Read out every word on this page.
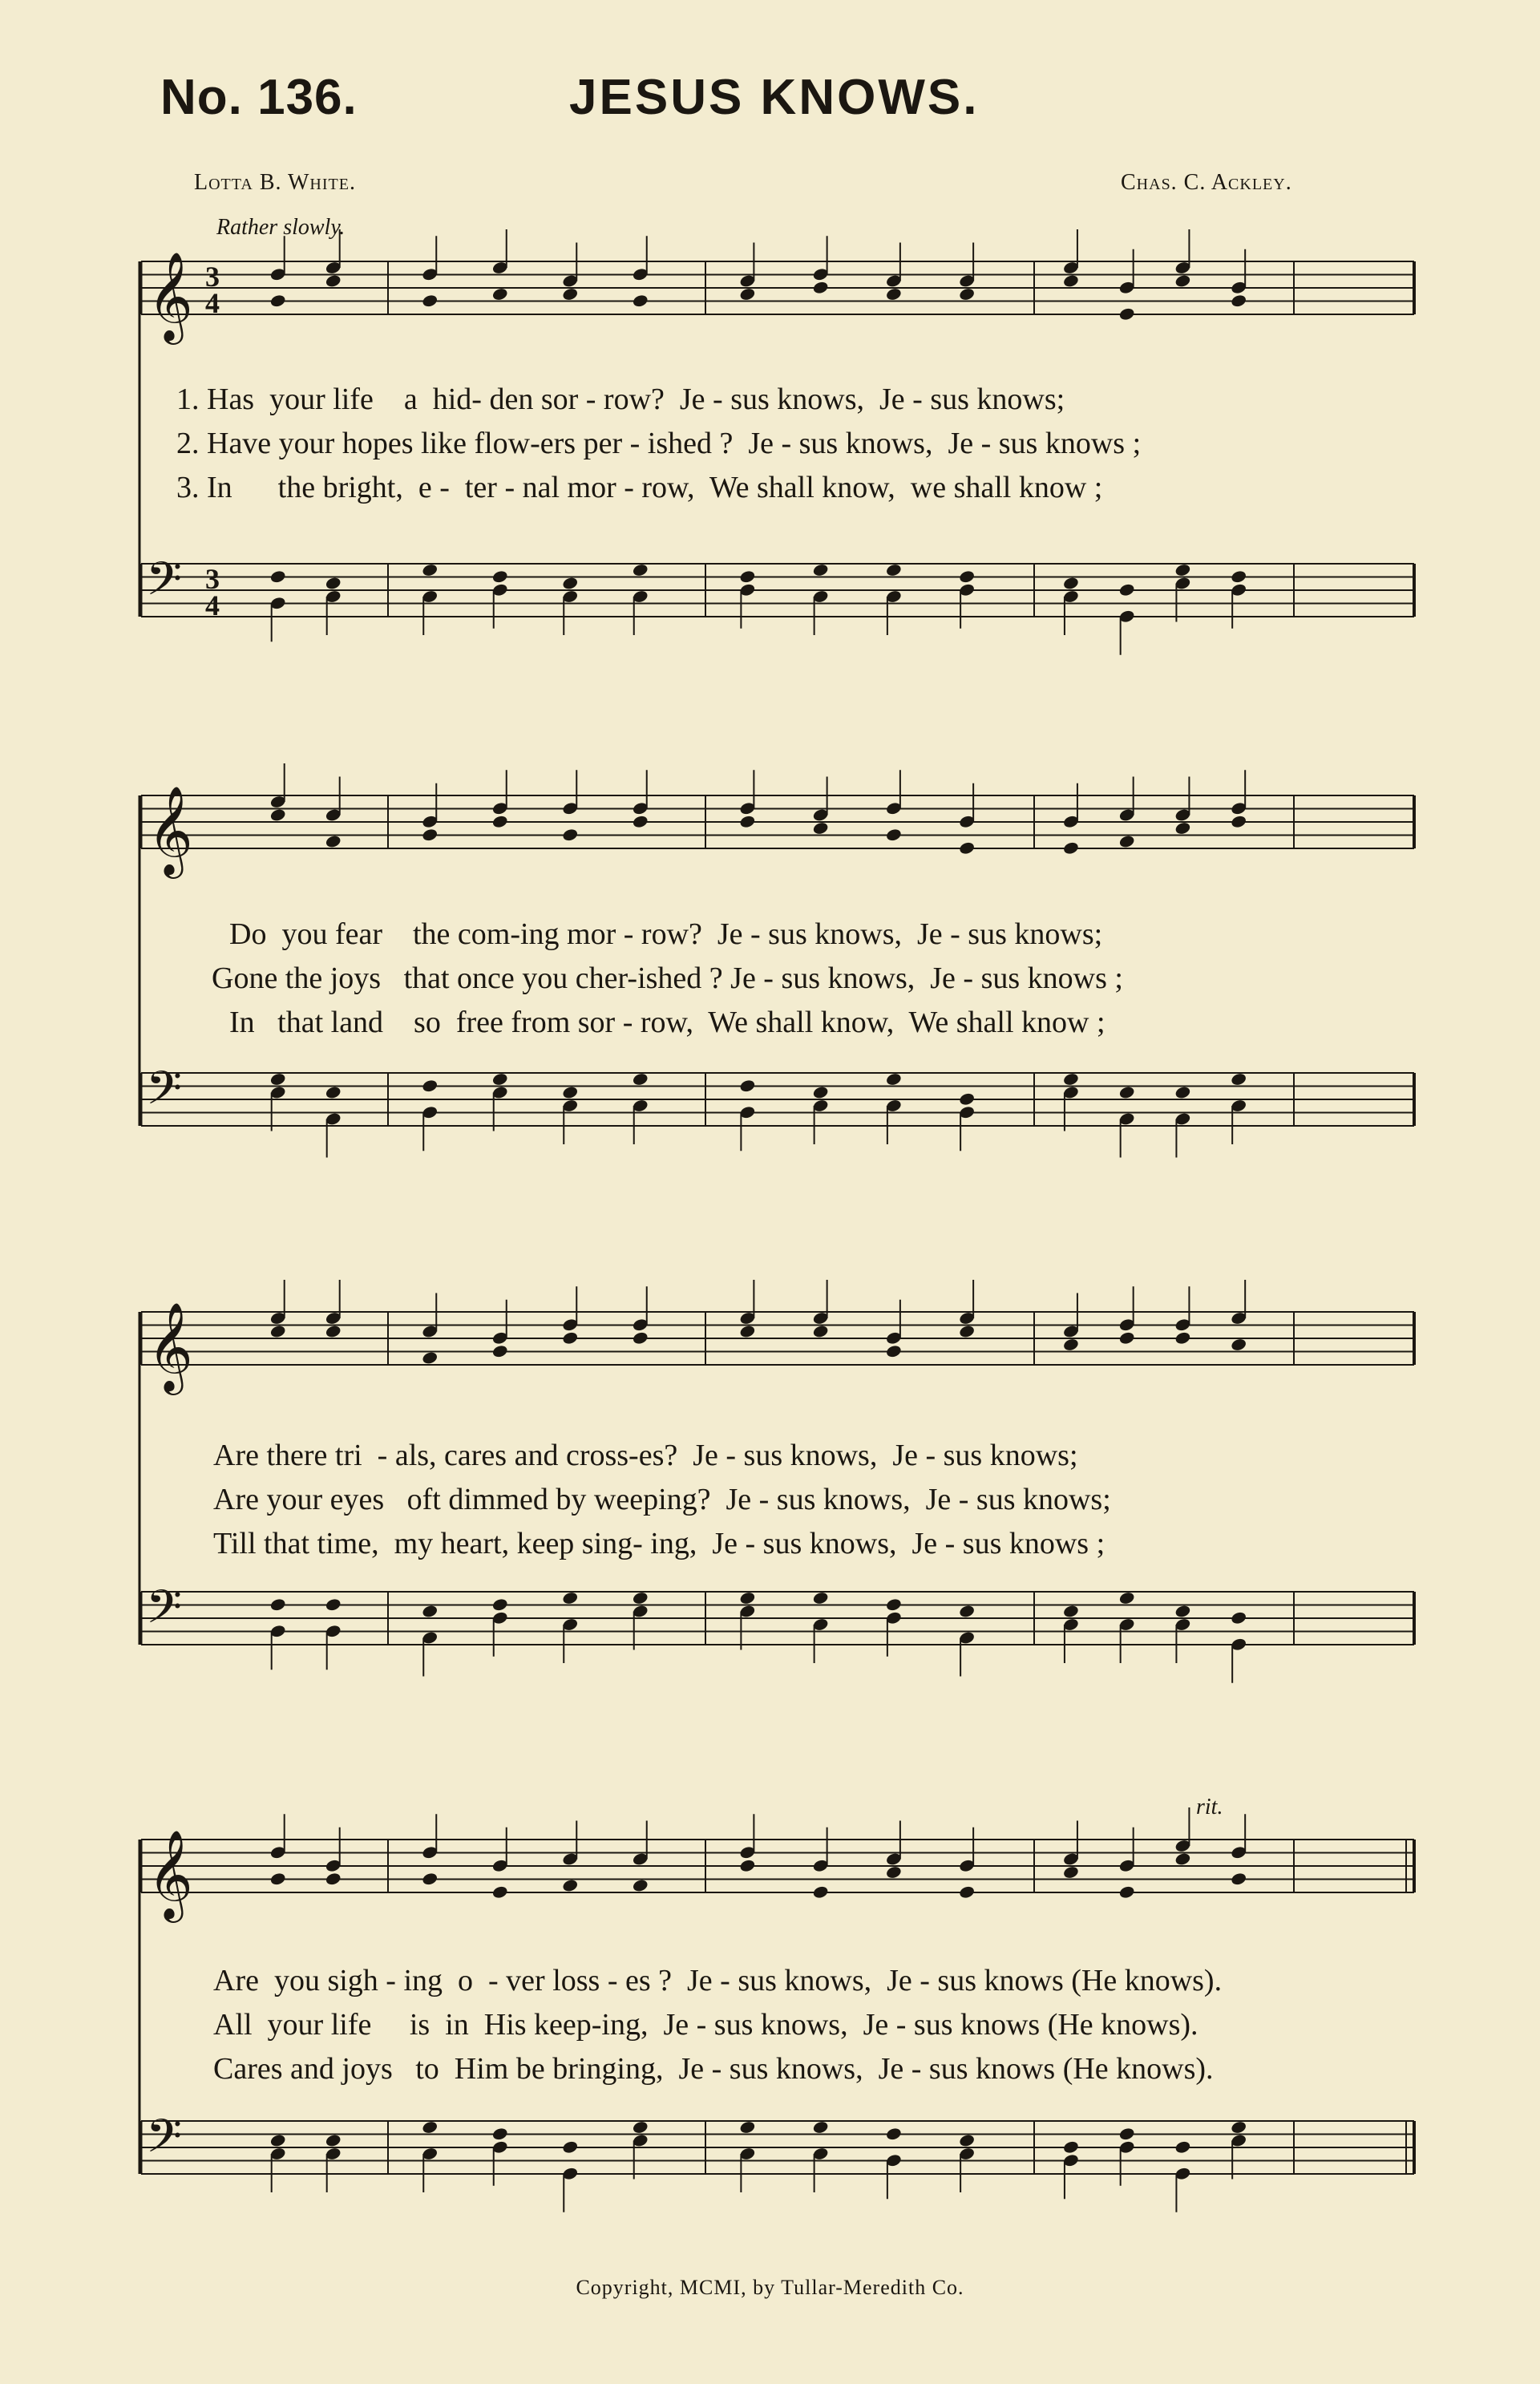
No. 136.	JESUS KNOWS.
Lotta B. White.	Chas. C. Ackley.
Rather slowly.
rit.
𝄞 3
4
𝄢 3
4
𝄞
𝄢
𝄞
𝄢
𝄞
𝄢
1. Has  your life    a  hid- den sor - row?  Je - sus knows,  Je - sus knows;
2. Have your hopes like flow-ers per - ished ?  Je - sus knows,  Je - sus knows ;
3. In      the bright,  e -  ter - nal mor - row,  We shall know,  we shall know ;
Do  you fear    the com-ing mor - row?  Je - sus knows,  Je - sus knows;
Gone the joys   that once you cher-ished ? Je - sus knows,  Je - sus knows ;
In   that land    so  free from sor - row,  We shall know,  We shall know ;
Are there tri  - als, cares and cross-es?  Je - sus knows,  Je - sus knows;
Are your eyes   oft dimmed by weeping?  Je - sus knows,  Je - sus knows;
Till that time,  my heart, keep sing- ing,  Je - sus knows,  Je - sus knows ;
Are  you sigh - ing  o  - ver loss - es ?  Je - sus knows,  Je - sus knows (He knows).
All  your life     is  in  His keep-ing,  Je - sus knows,  Je - sus knows (He knows).
Cares and joys   to  Him be bringing,  Je - sus knows,  Je - sus knows (He knows).
Copyright, MCMI, by Tullar-Meredith Co.
